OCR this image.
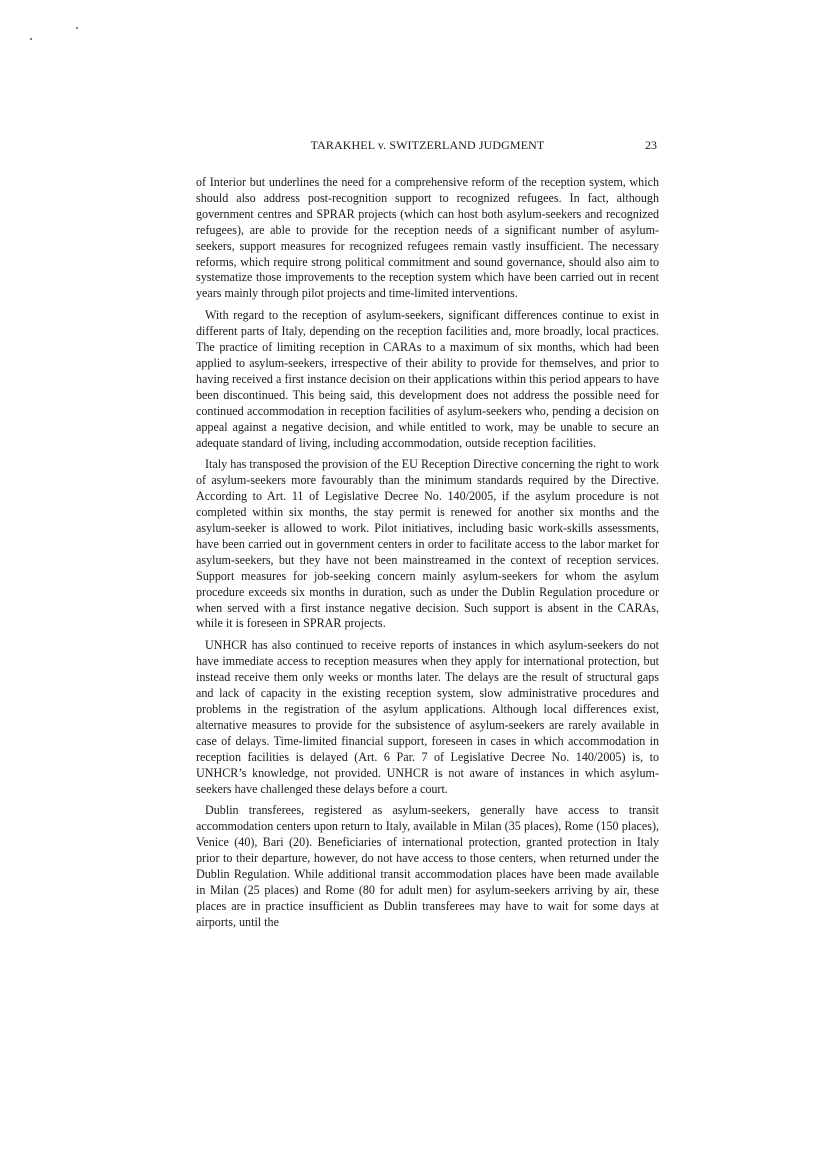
TARAKHEL v. SWITZERLAND JUDGMENT	23

of Interior but underlines the need for a comprehensive reform of the reception system, which should also address post-recognition support to recognized refugees. In fact, although government centres and SPRAR projects (which can host both asylum-seekers and recognized refugees), are able to provide for the reception needs of a significant number of asylum-seekers, support measures for recognized refugees remain vastly insufficient. The necessary reforms, which require strong political commitment and sound governance, should also aim to systematize those improvements to the reception system which have been carried out in recent years mainly through pilot projects and time-limited interventions.

With regard to the reception of asylum-seekers, significant differences continue to exist in different parts of Italy, depending on the reception facilities and, more broadly, local practices. The practice of limiting reception in CARAs to a maximum of six months, which had been applied to asylum-seekers, irrespective of their ability to provide for themselves, and prior to having received a first instance decision on their applications within this period appears to have been discontinued. This being said, this development does not address the possible need for continued accommodation in reception facilities of asylum-seekers who, pending a decision on appeal against a negative decision, and while entitled to work, may be unable to secure an adequate standard of living, including accommodation, outside reception facilities.

Italy has transposed the provision of the EU Reception Directive concerning the right to work of asylum-seekers more favourably than the minimum standards required by the Directive. According to Art. 11 of Legislative Decree No. 140/2005, if the asylum procedure is not completed within six months, the stay permit is renewed for another six months and the asylum-seeker is allowed to work. Pilot initiatives, including basic work-skills assessments, have been carried out in government centers in order to facilitate access to the labor market for asylum-seekers, but they have not been mainstreamed in the context of reception services. Support measures for job-seeking concern mainly asylum-seekers for whom the asylum procedure exceeds six months in duration, such as under the Dublin Regulation procedure or when served with a first instance negative decision. Such support is absent in the CARAs, while it is foreseen in SPRAR projects.

UNHCR has also continued to receive reports of instances in which asylum-seekers do not have immediate access to reception measures when they apply for international protection, but instead receive them only weeks or months later. The delays are the result of structural gaps and lack of capacity in the existing reception system, slow administrative procedures and problems in the registration of the asylum applications. Although local differences exist, alternative measures to provide for the subsistence of asylum-seekers are rarely available in case of delays. Time-limited financial support, foreseen in cases in which accommodation in reception facilities is delayed (Art. 6 Par. 7 of Legislative Decree No. 140/2005) is, to UNHCR’s knowledge, not provided. UNHCR is not aware of instances in which asylum-seekers have challenged these delays before a court.

Dublin transferees, registered as asylum-seekers, generally have access to transit accommodation centers upon return to Italy, available in Milan (35 places), Rome (150 places), Venice (40), Bari (20). Beneficiaries of international protection, granted protection in Italy prior to their departure, however, do not have access to those centers, when returned under the Dublin Regulation. While additional transit accommodation places have been made available in Milan (25 places) and Rome (80 for adult men) for asylum-seekers arriving by air, these places are in practice insufficient as Dublin transferees may have to wait for some days at airports, until the
